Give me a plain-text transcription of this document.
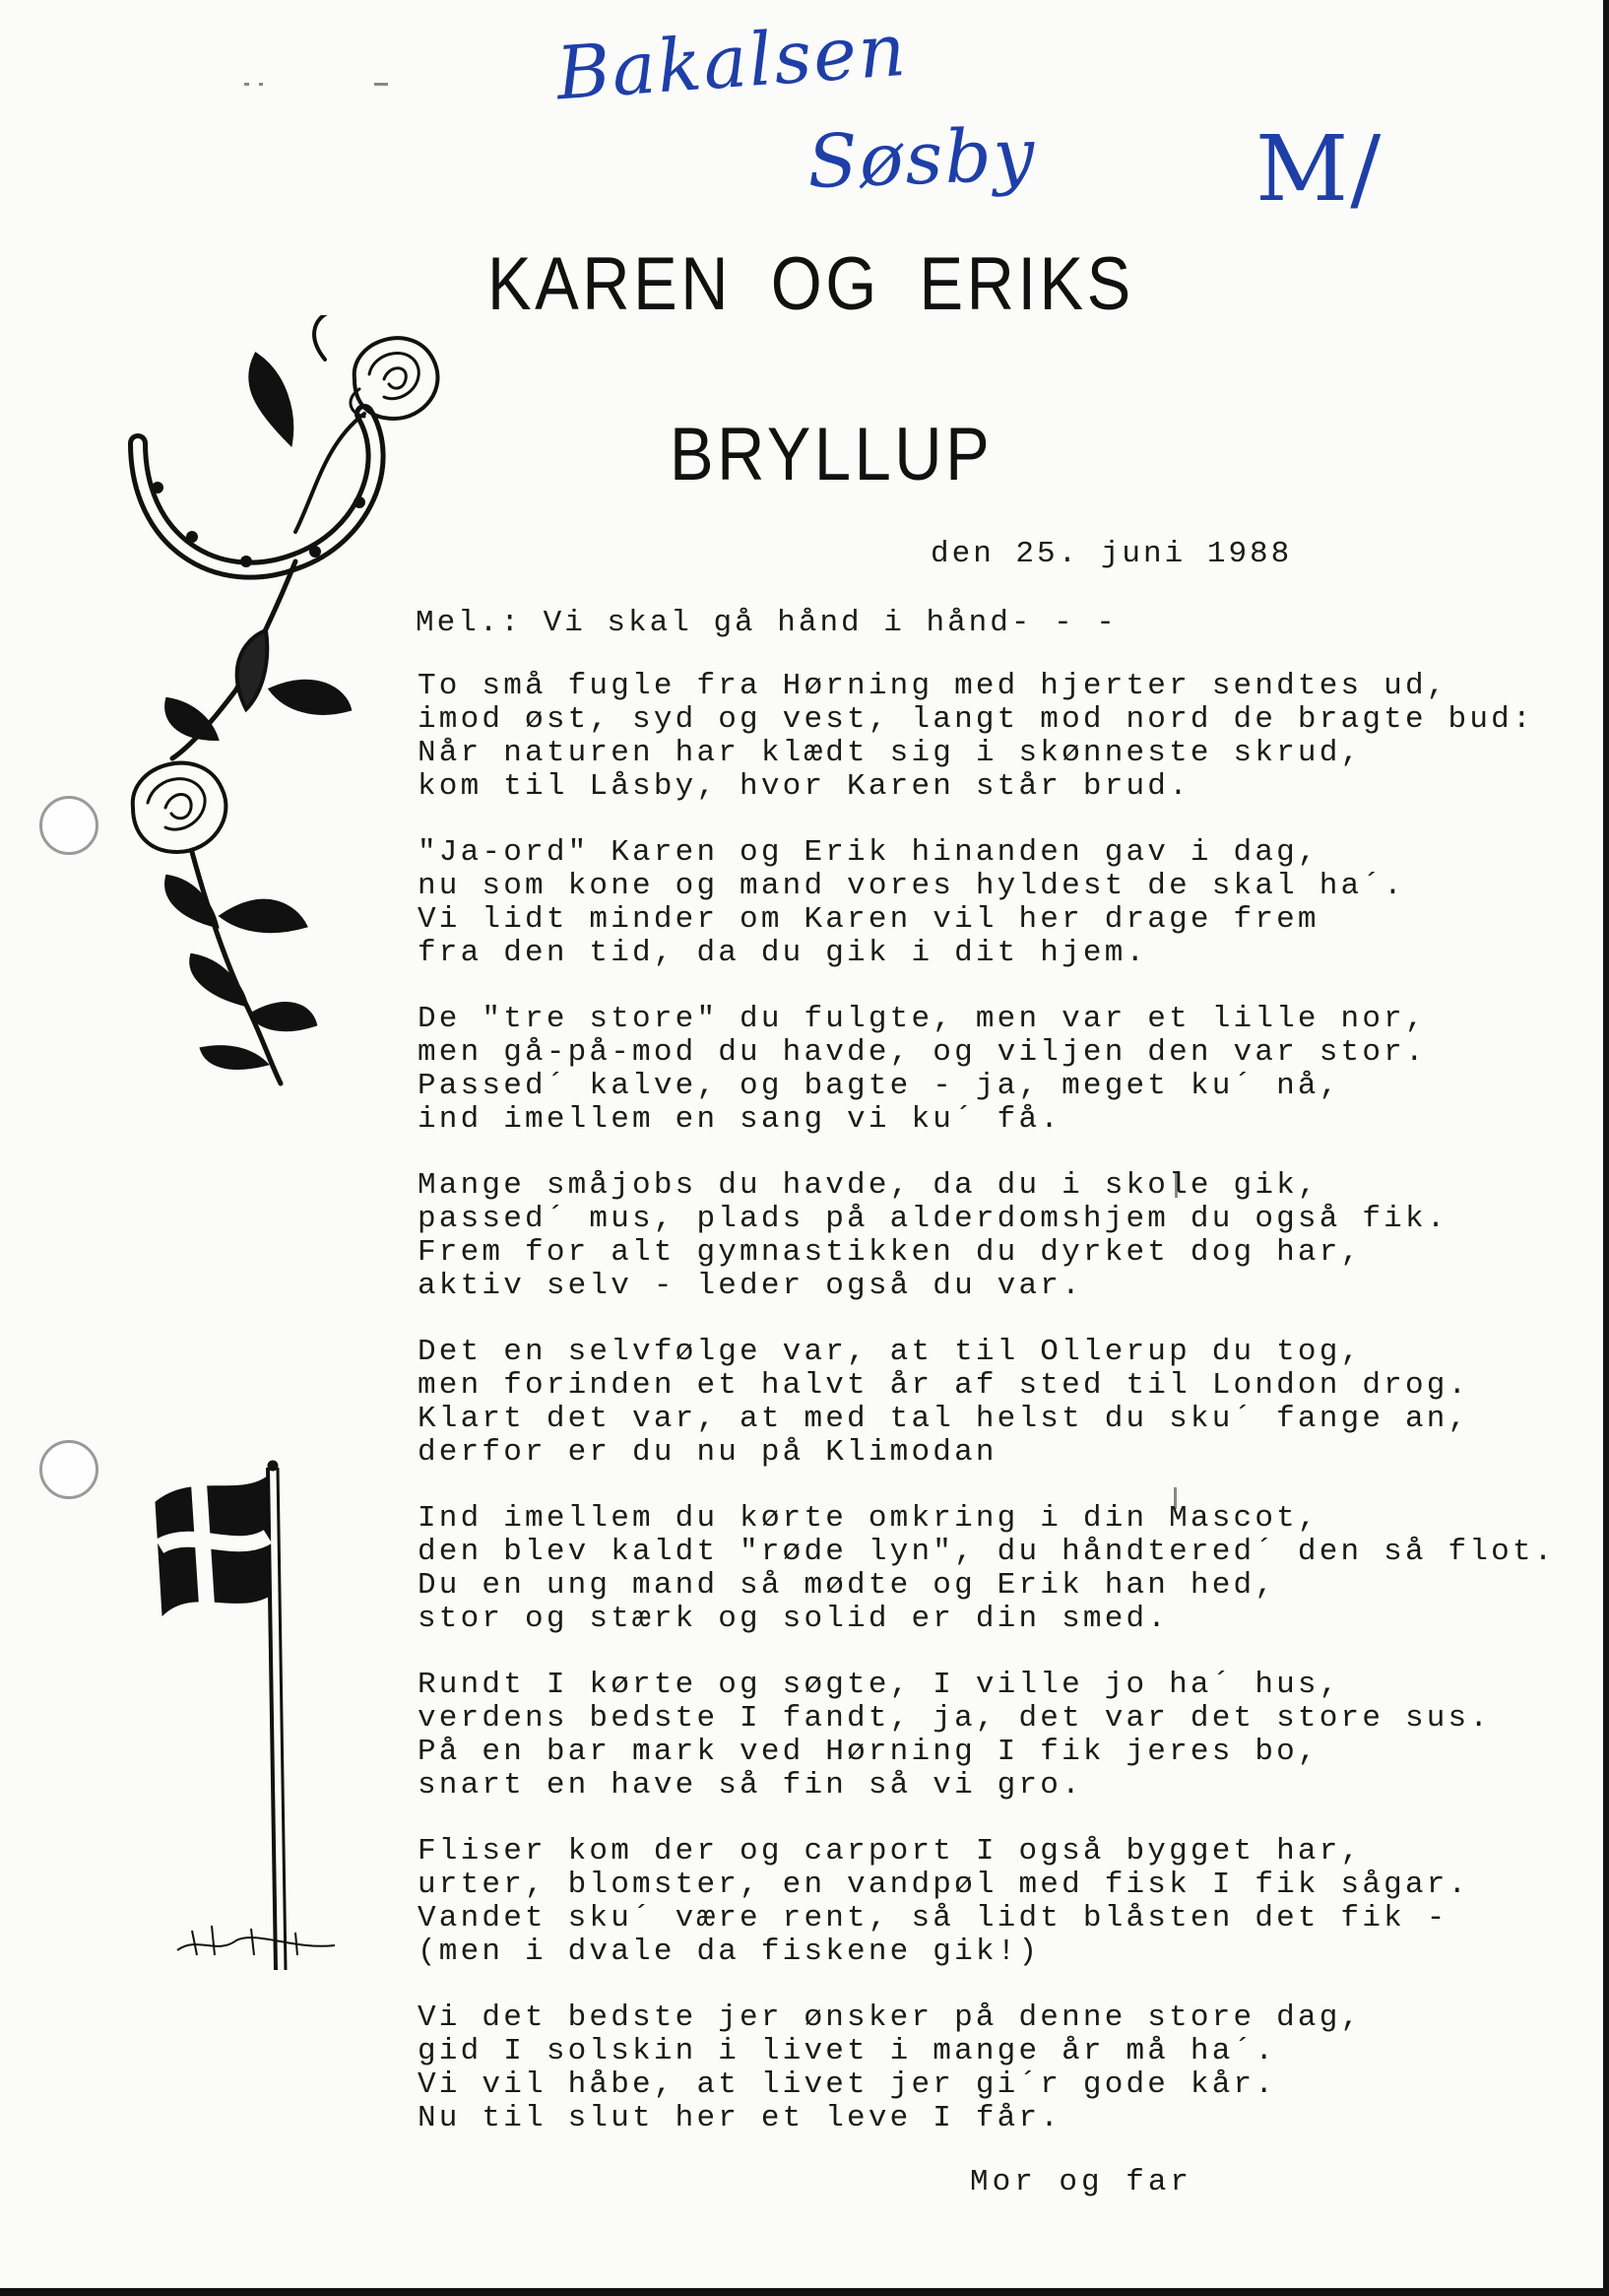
Bakalsen
Søsby M/
KAREN OG ERIKS
BRYLLUP
den 25. juni 1988
Mel.: Vi skal gå hånd i hånd- - -
To små fugle fra Hørning med hjerter sendtes ud,
imod øst, syd og vest, langt mod nord de bragte bud:
Når naturen har klædt sig i skønneste skrud,
kom til Låsby, hvor Karen står brud.
"Ja-ord" Karen og Erik hinanden gav i dag,
nu som kone og mand vores hyldest de skal ha´.
Vi lidt minder om Karen vil her drage frem
fra den tid, da du gik i dit hjem.
De "tre store" du fulgte, men var et lille nor,
men gå-på-mod du havde, og viljen den var stor.
Passed´ kalve, og bagte - ja, meget ku´ nå,
ind imellem en sang vi ku´ få.
Mange småjobs du havde, da du i skole gik,
passed´ mus, plads på alderdomshjem du også fik.
Frem for alt gymnastikken du dyrket dog har,
aktiv selv - leder også du var.
Det en selvfølge var, at til Ollerup du tog,
men forinden et halvt år af sted til London drog.
Klart det var, at med tal helst du sku´ fange an,
derfor er du nu på Klimodan
Ind imellem du kørte omkring i din Mascot,
den blev kaldt "røde lyn", du håndtered´ den så flot.
Du en ung mand så mødte og Erik han hed,
stor og stærk og solid er din smed.
Rundt I kørte og søgte, I ville jo ha´ hus,
verdens bedste I fandt, ja, det var det store sus.
På en bar mark ved Hørning I fik jeres bo,
snart en have så fin så vi gro.
Fliser kom der og carport I også bygget har,
urter, blomster, en vandpøl med fisk I fik sågar.
Vandet sku´ være rent, så lidt blåsten det fik -
(men i dvale da fiskene gik!)
Vi det bedste jer ønsker på denne store dag,
gid I solskin i livet i mange år må ha´.
Vi vil håbe, at livet jer gi´r gode kår.
Nu til slut her et leve I får.
Mor og far
